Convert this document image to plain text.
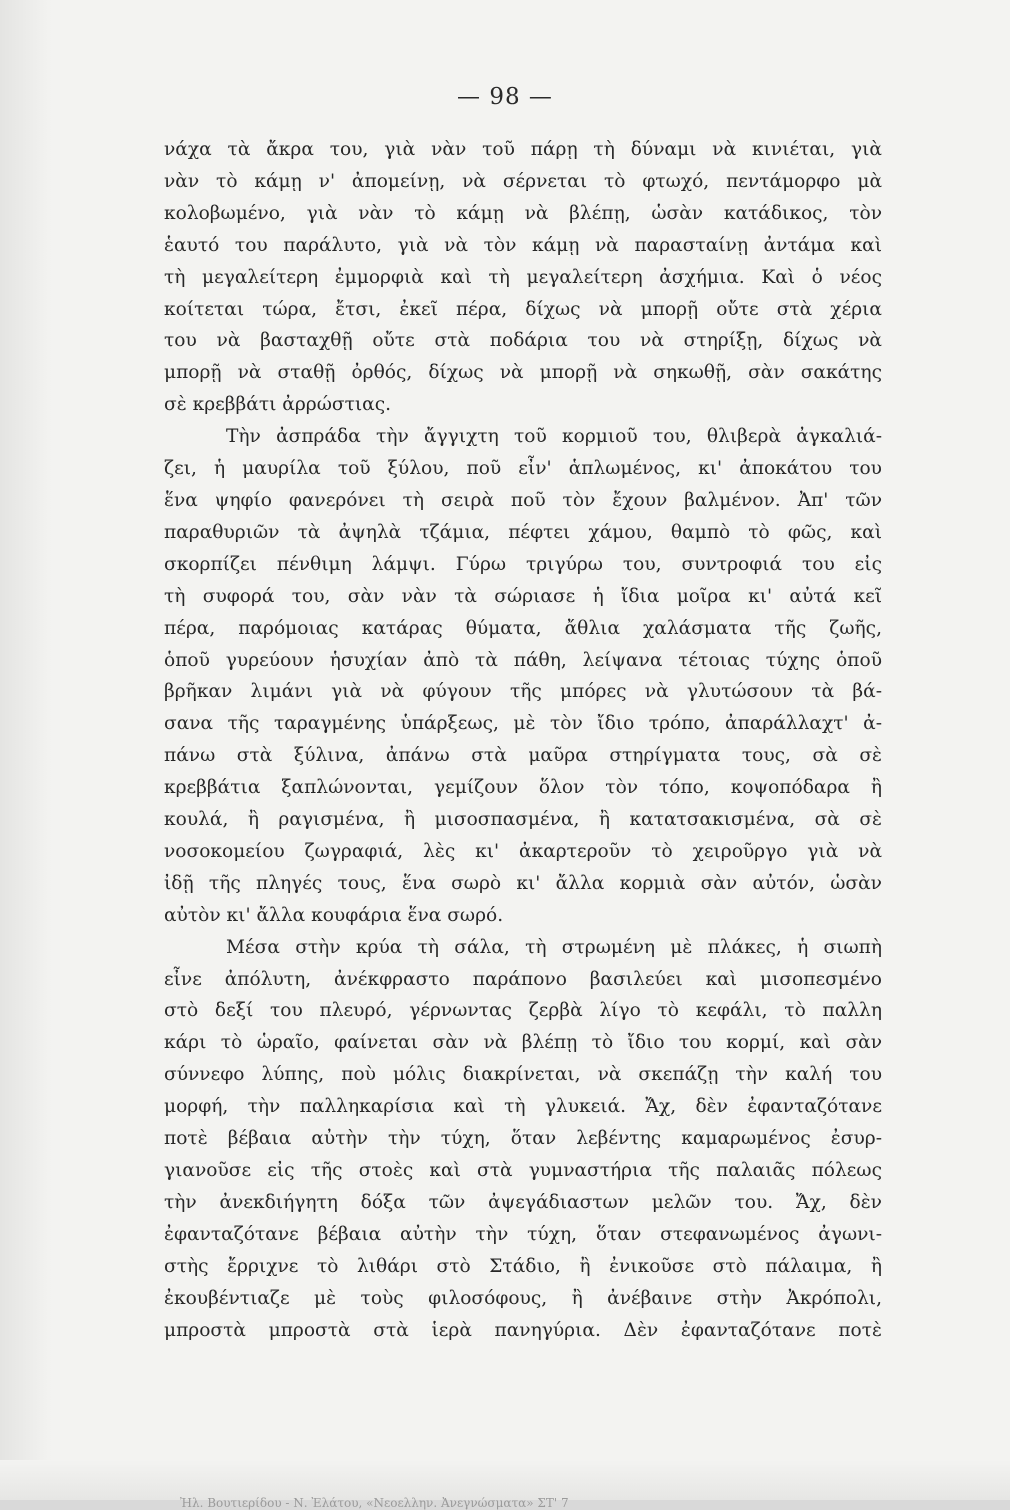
— 98 —
νάχα τὰ ἄκρα του, γιὰ νὰν τοῦ πάρῃ τὴ δύναμι νὰ κινιέται, γιὰ
νὰν τὸ κάμῃ ν' ἀπομείνῃ, νὰ σέρνεται τὸ φτωχό, πεντάμορφο μὰ
κολοβωμένο, γιὰ νὰν τὸ κάμῃ νὰ βλέπῃ, ὡσὰν κατάδικος, τὸν
ἑαυτό του παράλυτο, γιὰ νὰ τὸν κάμῃ νὰ παρασταίνῃ ἀντάμα καὶ
τὴ μεγαλείτερη ἐμμορφιὰ καὶ τὴ μεγαλείτερη ἀσχήμια. Καὶ ὁ νέος
κοίτεται τώρα, ἔτσι, ἐκεῖ πέρα, δίχως νὰ μπορῇ οὔτε στὰ χέρια
του νὰ βασταχθῇ οὔτε στὰ ποδάρια του νὰ στηρίξῃ, δίχως νὰ
μπορῇ νὰ σταθῇ ὀρθός, δίχως νὰ μπορῇ νὰ σηκωθῇ, σὰν σακάτης
σὲ κρεββάτι ἀρρώστιας.
Τὴν ἀσπράδα τὴν ἄγγιχτη τοῦ κορμιοῦ του, θλιβερὰ ἀγκαλιά-
ζει, ἡ μαυρίλα τοῦ ξύλου, ποῦ εἶν' ἁπλωμένος, κι' ἀποκάτου του
ἕνα ψηφίο φανερόνει τὴ σειρὰ ποῦ τὸν ἔχουν βαλμένον. Ἀπ' τῶν
παραθυριῶν τὰ ἀψηλὰ τζάμια, πέφτει χάμου, θαμπὸ τὸ φῶς, καὶ
σκορπίζει πένθιμη λάμψι. Γύρω τριγύρω του, συντροφιά του εἰς
τὴ συφορά του, σὰν νὰν τὰ σώριασε ἡ ἴδια μοῖρα κι' αὐτά κεῖ
πέρα, παρόμοιας κατάρας θύματα, ἄθλια χαλάσματα τῆς ζωῆς,
ὁποῦ γυρεύουν ἡσυχίαν ἀπὸ τὰ πάθη, λείψανα τέτοιας τύχης ὁποῦ
βρῆκαν λιμάνι γιὰ νὰ φύγουν τῆς μπόρες νὰ γλυτώσουν τὰ βά-
σανα τῆς ταραγμένης ὑπάρξεως, μὲ τὸν ἴδιο τρόπο, ἀπαράλλαχτ' ἀ-
πάνω στὰ ξύλινα, ἀπάνω στὰ μαῦρα στηρίγματα τους, σὰ σὲ
κρεββάτια ξαπλώνονται, γεμίζουν ὅλον τὸν τόπο, κοψοπόδαρα ἢ
κουλά, ἢ ραγισμένα, ἢ μισοσπασμένα, ἢ κατατσακισμένα, σὰ σὲ
νοσοκομείου ζωγραφιά, λὲς κι' ἀκαρτεροῦν τὸ χειροῦργο γιὰ νὰ
ἰδῇ τῆς πληγές τους, ἕνα σωρὸ κι' ἄλλα κορμιὰ σὰν αὐτόν, ὡσὰν
αὐτὸν κι' ἄλλα κουφάρια ἕνα σωρό.
Μέσα στὴν κρύα τὴ σάλα, τὴ στρωμένη μὲ πλάκες, ἡ σιωπὴ
εἶνε ἀπόλυτη, ἀνέκφραστο παράπονο βασιλεύει καὶ μισοπεσμένο
στὸ δεξί του πλευρό, γέρνωντας ζερβὰ λίγο τὸ κεφάλι, τὸ παλλη
κάρι τὸ ὡραῖο, φαίνεται σὰν νὰ βλέπῃ τὸ ἴδιο του κορμί, καὶ σὰν
σύννεφο λύπης, ποὺ μόλις διακρίνεται, νὰ σκεπάζῃ τὴν καλή του
μορφή, τὴν παλληκαρίσια καὶ τὴ γλυκειά. Ἄχ, δὲν ἐφανταζότανε
ποτὲ βέβαια αὐτὴν τὴν τύχη, ὅταν λεβέντης καμαρωμένος ἐσυρ-
γιανοῦσε εἰς τῆς στοὲς καὶ στὰ γυμναστήρια τῆς παλαιᾶς πόλεως
τὴν ἀνεκδιήγητη δόξα τῶν ἀψεγάδιαστων μελῶν του. Ἄχ, δὲν
ἐφανταζότανε βέβαια αὐτὴν τὴν τύχη, ὅταν στεφανωμένος ἀγωνι-
στὴς ἔρριχνε τὸ λιθάρι στὸ Στάδιο, ἢ ἐνικοῦσε στὸ πάλαιμα, ἢ
ἐκουβέντιαζε μὲ τοὺς φιλοσόφους, ἢ ἀνέβαινε στὴν Ἀκρόπολι,
μπροστὰ μπροστὰ στὰ ἱερὰ πανηγύρια. Δὲν ἐφανταζότανε ποτὲ
Ἠλ. Βουτιερίδου - Ν. Ἐλάτου, «Νεοελλην. Ἀνεγνώσματα» ΣΤ' 7
